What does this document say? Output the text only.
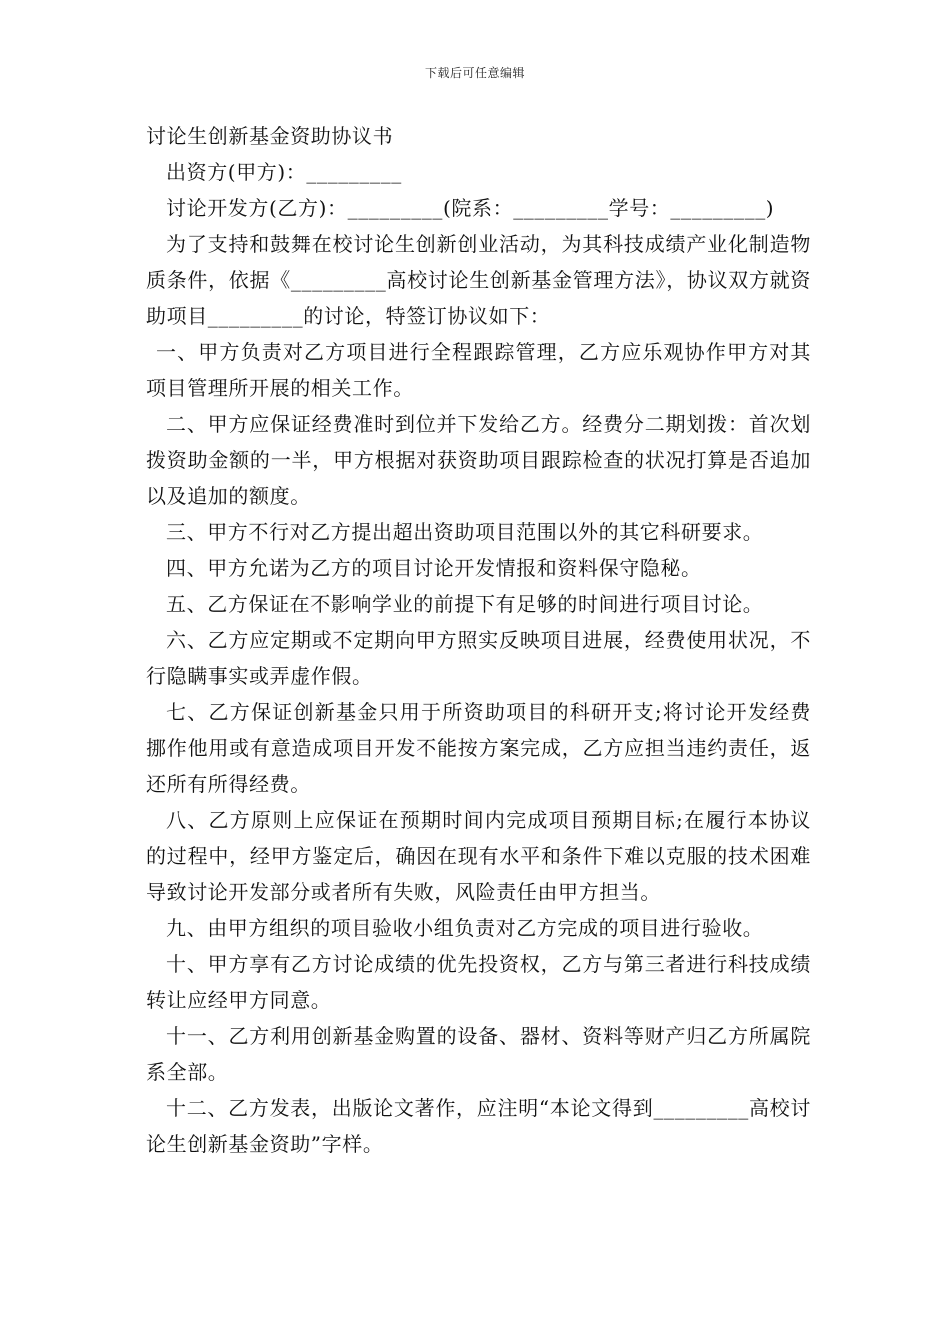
下载后可任意编辑

讨论生创新基金资助协议书

出资方(甲方)：_________

讨论开发方(乙方)：_________(院系：_________学号：_________)

为了支持和鼓舞在校讨论生创新创业活动，为其科技成绩产业化制造物质条件，依据《_________高校讨论生创新基金管理方法》，协议双方就资助项目_________的讨论，特签订协议如下：

一、甲方负责对乙方项目进行全程跟踪管理，乙方应乐观协作甲方对其项目管理所开展的相关工作。

二、甲方应保证经费准时到位并下发给乙方。经费分二期划拨：首次划拨资助金额的一半，甲方根据对获资助项目跟踪检查的状况打算是否追加以及追加的额度。

三、甲方不行对乙方提出超出资助项目范围以外的其它科研要求。

四、甲方允诺为乙方的项目讨论开发情报和资料保守隐秘。

五、乙方保证在不影响学业的前提下有足够的时间进行项目讨论。

六、乙方应定期或不定期向甲方照实反映项目进展，经费使用状况，不行隐瞒事实或弄虚作假。

七、乙方保证创新基金只用于所资助项目的科研开支;将讨论开发经费挪作他用或有意造成项目开发不能按方案完成，乙方应担当违约责任，返还所有所得经费。

八、乙方原则上应保证在预期时间内完成项目预期目标;在履行本协议的过程中，经甲方鉴定后，确因在现有水平和条件下难以克服的技术困难导致讨论开发部分或者所有失败，风险责任由甲方担当。

九、由甲方组织的项目验收小组负责对乙方完成的项目进行验收。

十、甲方享有乙方讨论成绩的优先投资权，乙方与第三者进行科技成绩转让应经甲方同意。

十一、乙方利用创新基金购置的设备、器材、资料等财产归乙方所属院系全部。

十二、乙方发表，出版论文著作，应注明“本论文得到_________高校讨论生创新基金资助”字样。
